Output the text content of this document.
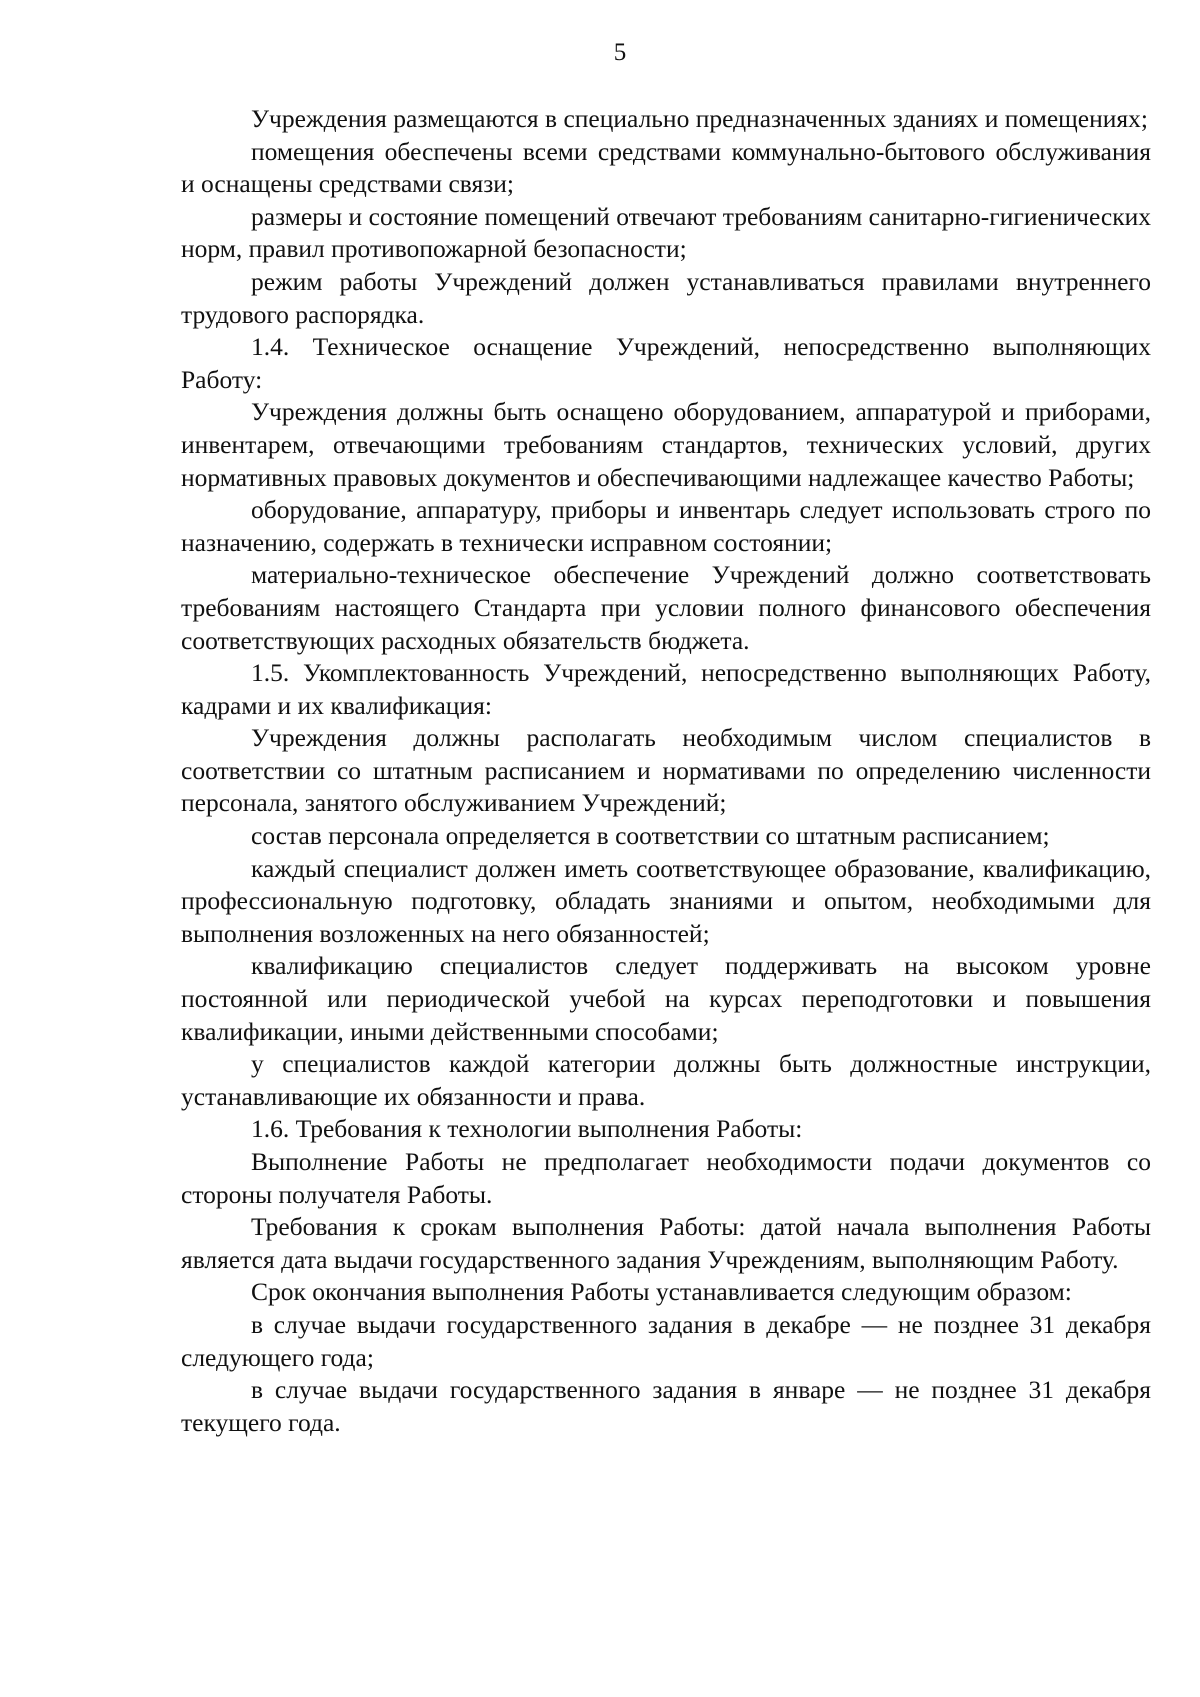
5

Учреждения размещаются в специально предназначенных зданиях и помещениях;

помещения обеспечены всеми средствами коммунально-бытового обслуживания и оснащены средствами связи;

размеры и состояние помещений отвечают требованиям санитарно-гигиенических норм, правил противопожарной безопасности;

режим работы Учреждений должен устанавливаться правилами внутреннего трудового распорядка.

1.4. Техническое оснащение Учреждений, непосредственно выполняющих Работу:

Учреждения должны быть оснащено оборудованием, аппаратурой и приборами, инвентарем, отвечающими требованиям стандартов, технических условий, других нормативных правовых документов и обеспечивающими надлежащее качество Работы;

оборудование, аппаратуру, приборы и инвентарь следует использовать строго по назначению, содержать в технически исправном состоянии;

материально-техническое обеспечение Учреждений должно соответствовать требованиям настоящего Стандарта при условии полного финансового обеспечения соответствующих расходных обязательств бюджета.

1.5. Укомплектованность Учреждений, непосредственно выполняющих Работу, кадрами и их квалификация:

Учреждения должны располагать необходимым числом специалистов в соответствии со штатным расписанием и нормативами по определению численности персонала, занятого обслуживанием Учреждений;

состав персонала определяется в соответствии со штатным расписанием;

каждый специалист должен иметь соответствующее образование, квалификацию, профессиональную подготовку, обладать знаниями и опытом, необходимыми для выполнения возложенных на него обязанностей;

квалификацию специалистов следует поддерживать на высоком уровне постоянной или периодической учебой на курсах переподготовки и повышения квалификации, иными действенными способами;

у специалистов каждой категории должны быть должностные инструкции, устанавливающие их обязанности и права.

1.6. Требования к технологии выполнения Работы:

Выполнение Работы не предполагает необходимости подачи документов со стороны получателя Работы.

Требования к срокам выполнения Работы: датой начала выполнения Работы является дата выдачи государственного задания Учреждениям, выполняющим Работу.

Срок окончания выполнения Работы устанавливается следующим образом:

в случае выдачи государственного задания в декабре — не позднее 31 декабря следующего года;

в случае выдачи государственного задания в январе — не позднее 31 декабря текущего года.
